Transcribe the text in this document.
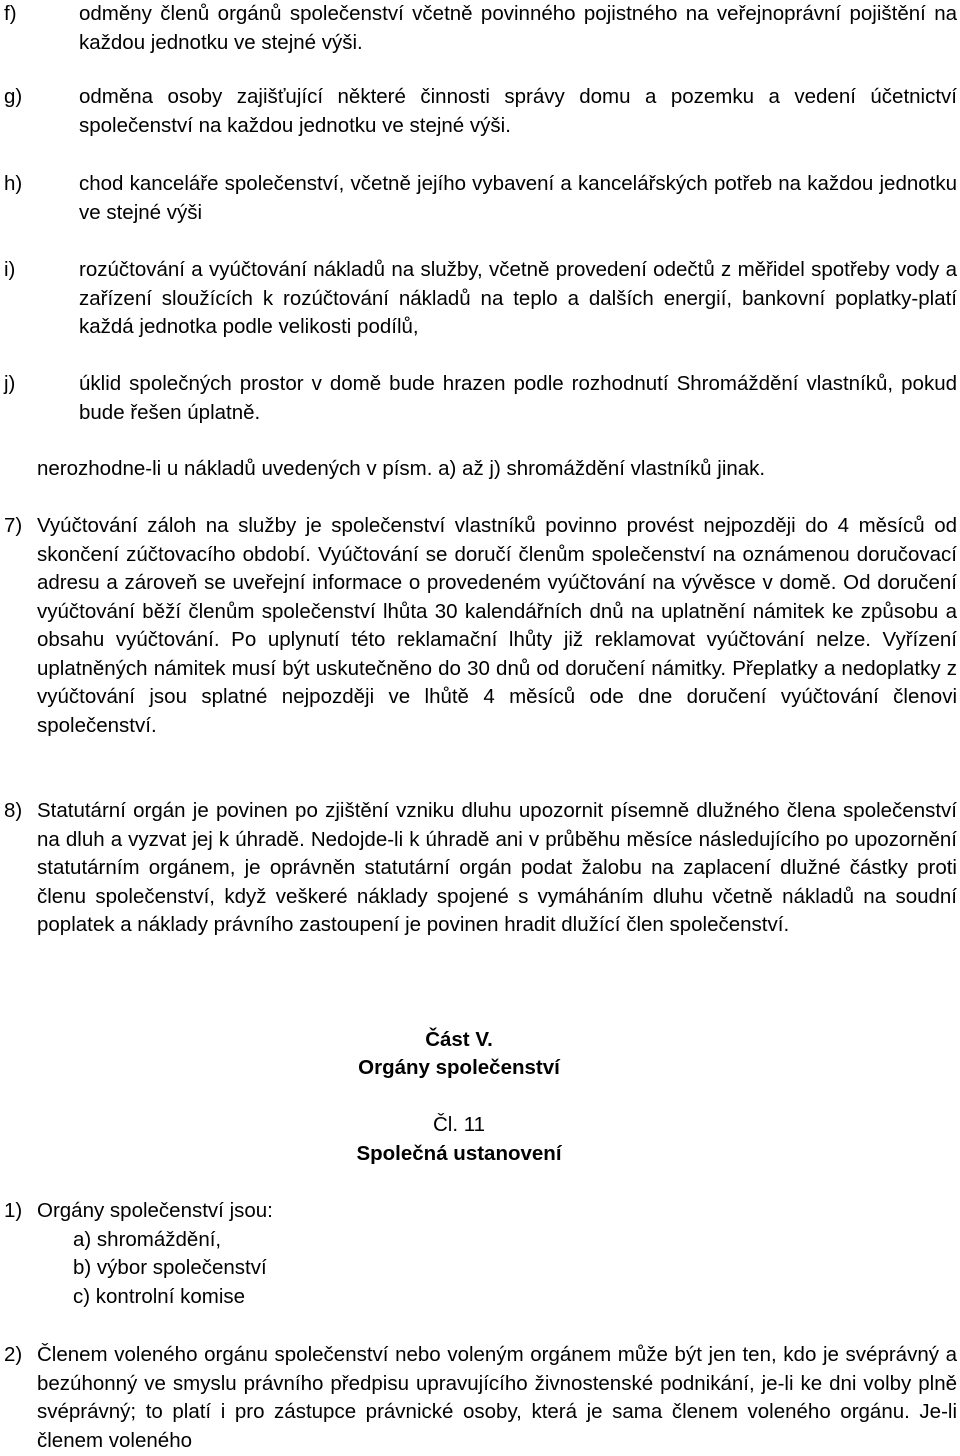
f)	odměny členů orgánů společenství včetně povinného pojistného na veřejnoprávní pojištění na každou jednotku ve stejné výši.
g)	odměna osoby zajišťující některé činnosti správy domu a pozemku a vedení účetnictví společenství na každou jednotku ve stejné výši.
h)	chod kanceláře společenství, včetně jejího vybavení a kancelářských potřeb na každou jednotku ve stejné výši
i)	rozúčtování a vyúčtování nákladů na služby, včetně provedení odečtů z měřidel spotřeby vody a zařízení sloužících k rozúčtování nákladů na teplo a dalších energií, bankovní poplatky-platí každá jednotka podle velikosti podílů,
j)	úklid společných prostor v domě bude hrazen podle rozhodnutí Shromáždění vlastníků, pokud bude řešen úplatně.
nerozhodne-li u nákladů uvedených v písm. a) až j) shromáždění vlastníků jinak.
7) Vyúčtování záloh na služby je společenství vlastníků povinno provést nejpozději do 4 měsíců od skončení zúčtovacího období. Vyúčtování se doručí členům společenství na oznámenou doručovací adresu a zároveň se uveřejní informace o provedeném vyúčtování na vývěsce v domě. Od doručení vyúčtování běží členům společenství lhůta 30 kalendářních dnů na uplatnění námitek ke způsobu a obsahu vyúčtování. Po uplynutí této reklamační lhůty již reklamovat vyúčtování nelze. Vyřízení uplatněných námitek musí být uskutečněno do 30 dnů od doručení námitky. Přeplatky a nedoplatky z vyúčtování jsou splatné nejpozději ve lhůtě 4 měsíců ode dne doručení vyúčtování členovi společenství.
8) Statutární orgán je povinen po zjištění vzniku dluhu upozornit písemně dlužného člena společenství na dluh a vyzvat jej k úhradě. Nedojde-li k úhradě ani v průběhu měsíce následujícího po upozornění statutárním orgánem, je oprávněn statutární orgán podat žalobu na zaplacení dlužné částky proti členu společenství, když veškeré náklady spojené s vymáháním dluhu včetně nákladů na soudní poplatek a náklady právního zastoupení je povinen hradit dlužící člen společenství.
Část V.
Orgány společenství
Čl. 11
Společná ustanovení
1) Orgány společenství jsou:
a) shromáždění,
b) výbor společenství
c) kontrolní komise
2) Členem voleného orgánu společenství nebo voleným orgánem může být jen ten, kdo je svéprávný a bezúhonný ve smyslu právního předpisu upravujícího živnostenské podnikání, je-li ke dni volby plně svéprávný; to platí i pro zástupce právnické osoby, která je sama členem voleného orgánu. Je-li členem voleného
